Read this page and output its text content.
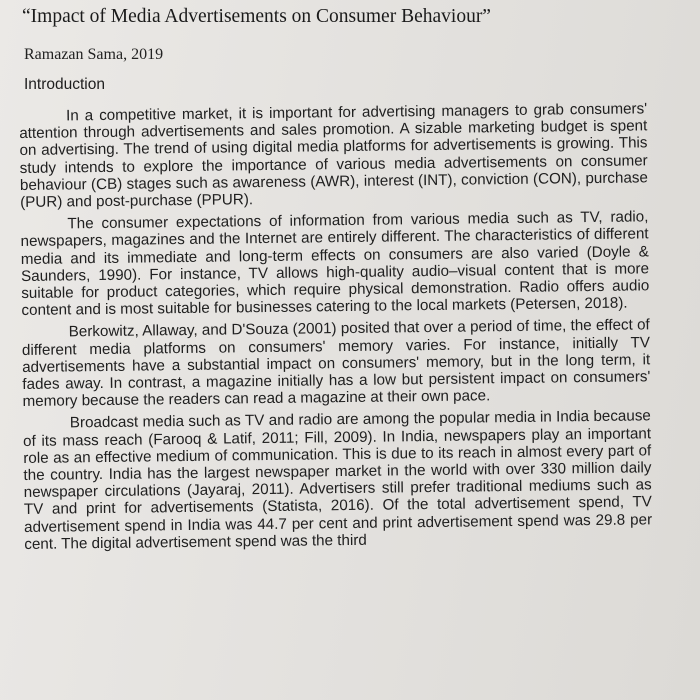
“Impact of Media Advertisements on Consumer Behaviour”
Ramazan Sama, 2019
Introduction

In a competitive market, it is important for advertising managers to grab consumers' attention through advertisements and sales promotion. A sizable marketing budget is spent on advertising. The trend of using digital media platforms for advertisements is growing. This study intends to explore the importance of various media advertisements on consumer behaviour (CB) stages such as awareness (AWR), interest (INT), conviction (CON), purchase (PUR) and post-purchase (PPUR).

The consumer expectations of information from various media such as TV, radio, newspapers, magazines and the Internet are entirely different. The characteristics of different media and its immediate and long-term effects on consumers are also varied (Doyle & Saunders, 1990). For instance, TV allows high-quality audio–visual content that is more suitable for product categories, which require physical demonstration. Radio offers audio content and is most suitable for businesses catering to the local markets (Petersen, 2018).

Berkowitz, Allaway, and D'Souza (2001) posited that over a period of time, the effect of different media platforms on consumers' memory varies. For instance, initially TV advertisements have a substantial impact on consumers' memory, but in the long term, it fades away. In contrast, a magazine initially has a low but persistent impact on consumers' memory because the readers can read a magazine at their own pace.

Broadcast media such as TV and radio are among the popular media in India because of its mass reach (Farooq & Latif, 2011; Fill, 2009). In India, newspapers play an important role as an effective medium of communication. This is due to its reach in almost every part of the country. India has the largest newspaper market in the world with over 330 million daily newspaper circulations (Jayaraj, 2011). Advertisers still prefer traditional mediums such as TV and print for advertisements (Statista, 2016). Of the total advertisement spend, TV advertisement spend in India was 44.7 per cent and print advertisement spend was 29.8 per cent. The digital advertisement spend was the third
